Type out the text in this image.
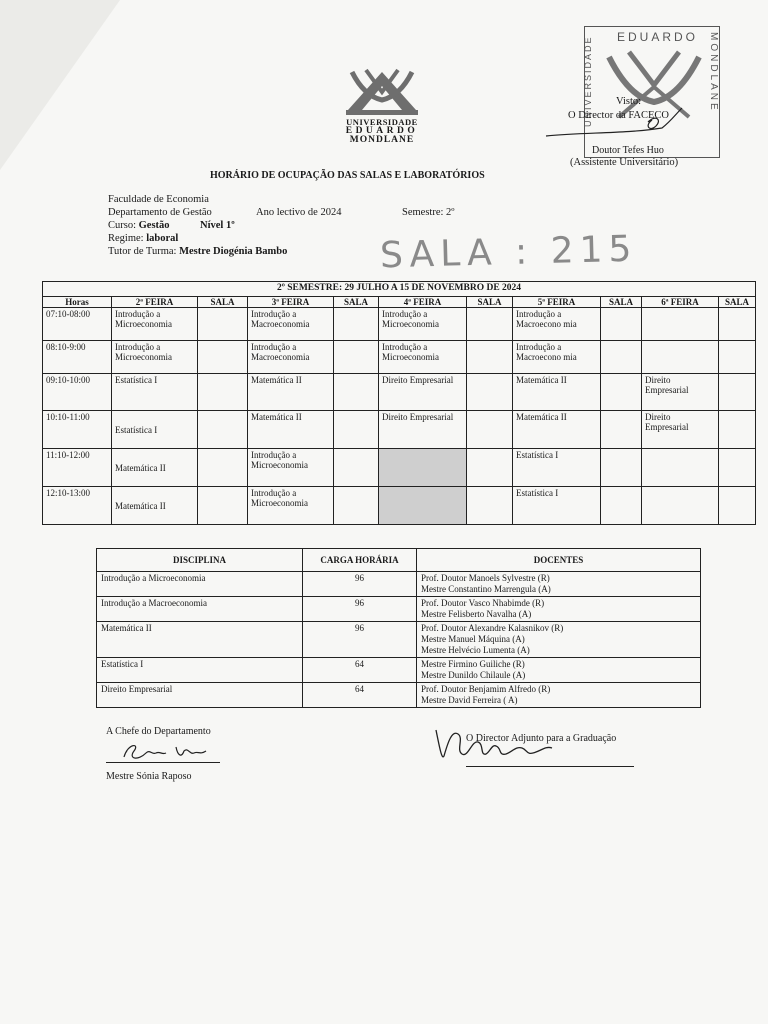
UNIVERSIDADE
EDUARDO
MONDLANE
EDUARDO
UNIVERSIDADE	MONDLANE
Visto:
O Director da FACECO
Doutor Tefes Huo
(Assistente Universitário)
HORÁRIO DE OCUPAÇÃO DAS SALAS E LABORATÓRIOS
Faculdade de Economia
Departamento de Gestão	Ano lectivo de 2024	Semestre: 2º
Curso: Gestão	Nível 1º
Regime: laboral
Tutor de Turma: Mestre Diogénia Bambo	SALA : 215
2º SEMESTRE: 29 JULHO A 15 DE NOVEMBRO DE 2024										
Horas	2ª FEIRA	SALA	3ª FEIRA	SALA	4ª FEIRA	SALA	5ª FEIRA	SALA	6ª FEIRA	SALA
07:10-08:00	Introdução a Microeconomia		Introdução a Macroeconomia		Introdução a Microeconomia		Introdução a Macroecono mia			
08:10-9:00	Introdução a Microeconomia		Introdução a Macroeconomia		Introdução a Microeconomia		Introdução a Macroecono mia			
09:10-10:00	Estatística I		Matemática II		Direito Empresarial		Matemática II		Direito Empresarial	
10:10-11:00	Estatística I		Matemática II		Direito Empresarial		Matemática II		Direito Empresarial	
11:10-12:00	Matemática II		Introdução a Microeconomia				Estatística I			
12:10-13:00	Matemática II		Introdução a Microeconomia				Estatística I			
DISCIPLINA	CARGA HORÁRIA	DOCENTES
Introdução a Microeconomia	96	Prof. Doutor Manoels Sylvestre (R)
Mestre Constantino Marrengula (A)

Introdução a Macroeconomia	96	Prof. Doutor Vasco Nhabimde (R)
Mestre Felisberto Navalha (A)

Matemática II	96	Prof. Doutor Alexandre Kalasnikov (R)
Mestre Manuel Máquina (A)
Mestre Helvécio Lumenta (A)

Estatística I	64	Mestre Firmino Guiliche (R)
Mestre Dunildo Chilaule (A)

Direito Empresarial	64	Prof. Doutor Benjamim Alfredo (R)
Mestre David Ferreira ( A)
A Chefe do Departamento
Mestre Sónia Raposo
O Director Adjunto para a Graduação
